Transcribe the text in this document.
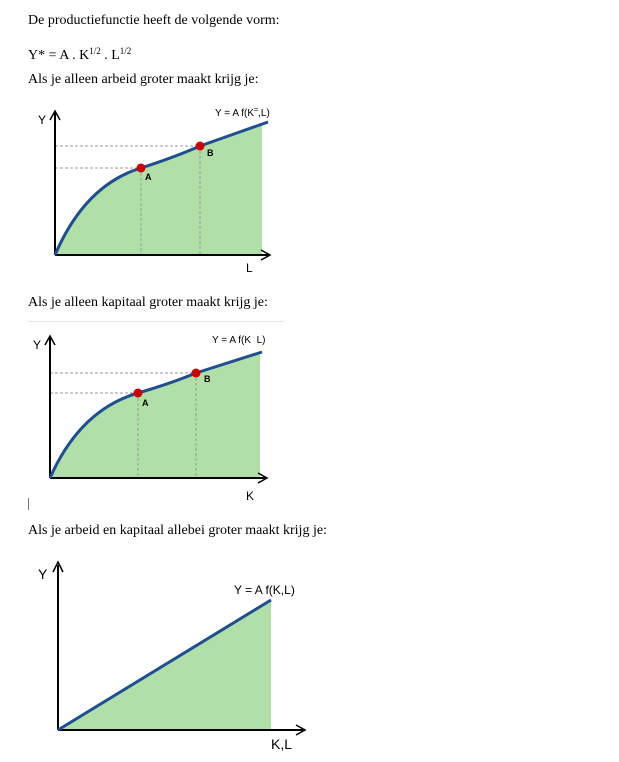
De productiefunctie heeft de volgende vorm:
Y* = A . $K^{1/2}$ . $L^{1/2}$
Als je alleen arbeid groter maakt krijg je:
Y
L
A
B
Y = A f(K=,L)
Als je alleen kapitaal groter maakt krijg je:
Y
K
A
B
Y = A f(K  L)
Als je arbeid en kapitaal allebei groter maakt krijg je:
Y
K,L
Y = A f(K,L)
